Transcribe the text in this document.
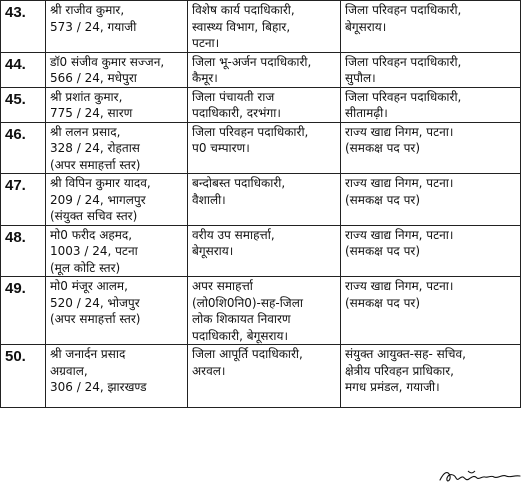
43.	श्री राजीव कुमार,
573 / 24, गयाजी	विशेष कार्य पदाधिकारी,
स्वास्थ्य विभाग, बिहार,
पटना।	जिला परिवहन पदाधिकारी,
बेगूसराय।

44.	डॉ0 संजीव कुमार सज्जन,
566 / 24, मधेपुरा	जिला भू-अर्जन पदाधिकारी,
कैमूर।	जिला परिवहन पदाधिकारी,
सुपौल।

45.	श्री प्रशांत कुमार,
775 / 24, सारण	जिला पंचायती राज
पदाधिकारी, दरभंगा।	जिला परिवहन पदाधिकारी,
सीतामढ़ी।

46.	श्री ललन प्रसाद,
328 / 24, रोहतास
(अपर समाहर्त्ता स्तर)	जिला परिवहन पदाधिकारी,
प0 चम्पारण।	राज्य खाद्य निगम, पटना।
(समकक्ष पद पर)

47.	श्री विपिन कुमार यादव,
209 / 24, भागलपुर
(संयुक्त सचिव स्तर)	बन्दोबस्त पदाधिकारी,
वैशाली।	राज्य खाद्य निगम, पटना।
(समकक्ष पद पर)

48.	मो0 फरीद अहमद,
1003 / 24, पटना
(मूल कोटि स्तर)	वरीय उप समाहर्त्ता,
बेगूसराय।	राज्य खाद्य निगम, पटना।
(समकक्ष पद पर)

49.	मो0 मंजूर आलम,
520 / 24, भोजपुर
(अपर समाहर्त्ता स्तर)	अपर समाहर्त्ता
(लो0शि0नि0)-सह-जिला
लोक शिकायत निवारण
पदाधिकारी, बेगूसराय।	राज्य खाद्य निगम, पटना।
(समकक्ष पद पर)

50.	श्री जनार्दन प्रसाद
अग्रवाल,
306 / 24, झारखण्ड	जिला आपूर्ति पदाधिकारी,
अरवल।	संयुक्त आयुक्त-सह- सचिव,
क्षेत्रीय परिवहन प्राधिकार,
मगध प्रमंडल, गयाजी।
